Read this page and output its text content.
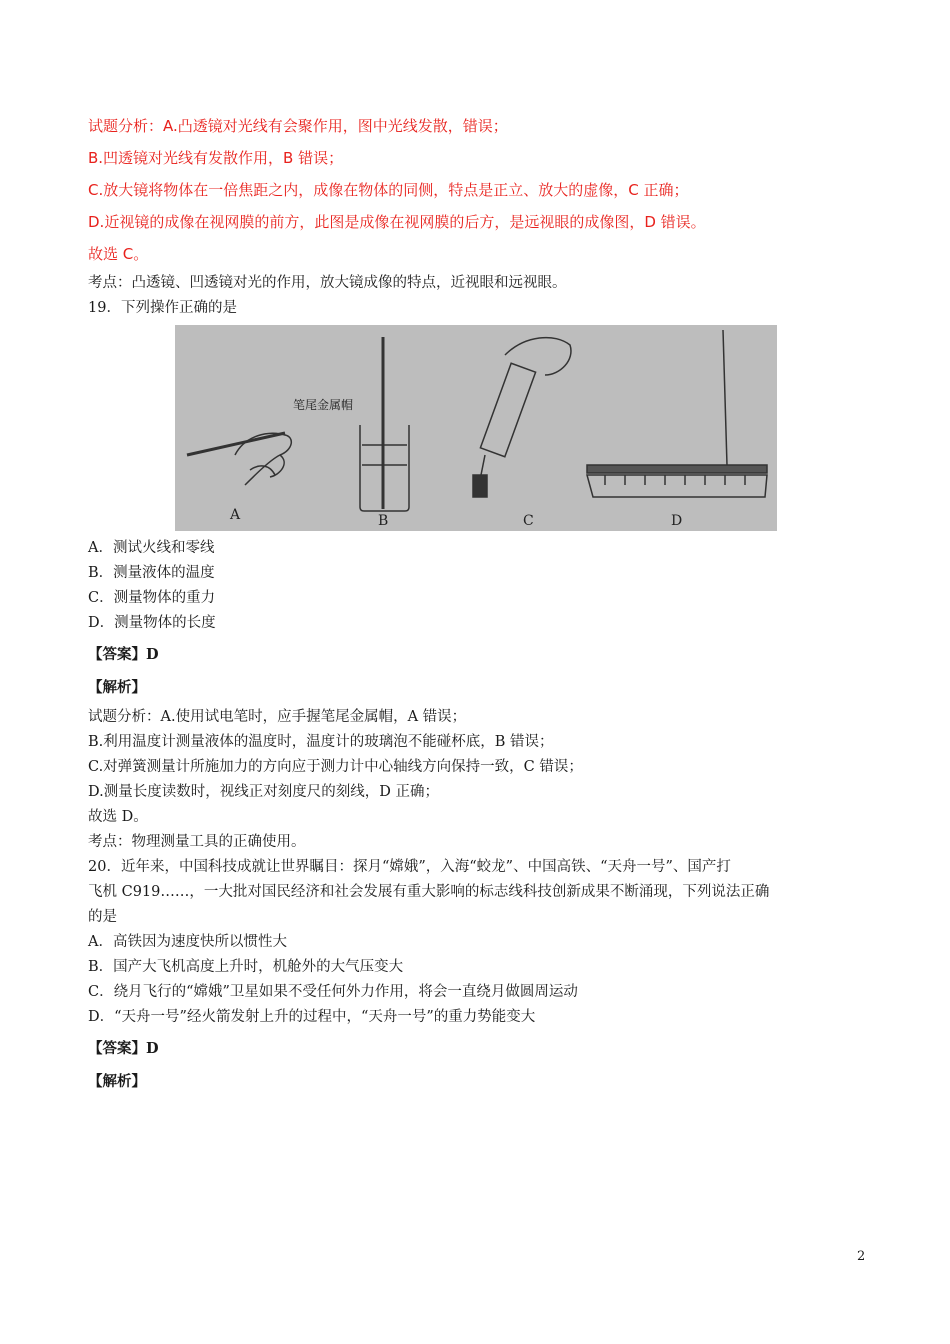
试题分析：A.凸透镜对光线有会聚作用，图中光线发散，错误；
B.凹透镜对光线有发散作用，B 错误；
C.放大镜将物体在一倍焦距之内，成像在物体的同侧，特点是正立、放大的虚像，C 正确；
D.近视镜的成像在视网膜的前方，此图是成像在视网膜的后方，是远视眼的成像图，D 错误。
故选 C。
考点：凸透镜、凹透镜对光的作用，放大镜成像的特点，近视眼和远视眼。
19．下列操作正确的是
笔尾金属帽
A	B	C	D
A．测试火线和零线
B．测量液体的温度
C．测量物体的重力
D．测量物体的长度
【答案】D
【解析】
试题分析：A.使用试电笔时，应手握笔尾金属帽，A 错误；
B.利用温度计测量液体的温度时，温度计的玻璃泡不能碰杯底，B 错误；
C.对弹簧测量计所施加力的方向应于测力计中心轴线方向保持一致，C 错误；
D.测量长度读数时，视线正对刻度尺的刻线，D 正确；
故选 D。
考点：物理测量工具的正确使用。
20．近年来，中国科技成就让世界瞩目：探月“嫦娥”，入海“蛟龙”、中国高铁、“天舟一号”、国产打
飞机 C919……，一大批对国民经济和社会发展有重大影响的标志线科技创新成果不断涌现，下列说法正确
的是
A．高铁因为速度快所以惯性大
B．国产大飞机高度上升时，机舱外的大气压变大
C．绕月飞行的“嫦娥”卫星如果不受任何外力作用，将会一直绕月做圆周运动
D．“天舟一号”经火箭发射上升的过程中，“天舟一号”的重力势能变大
【答案】D
【解析】
2
